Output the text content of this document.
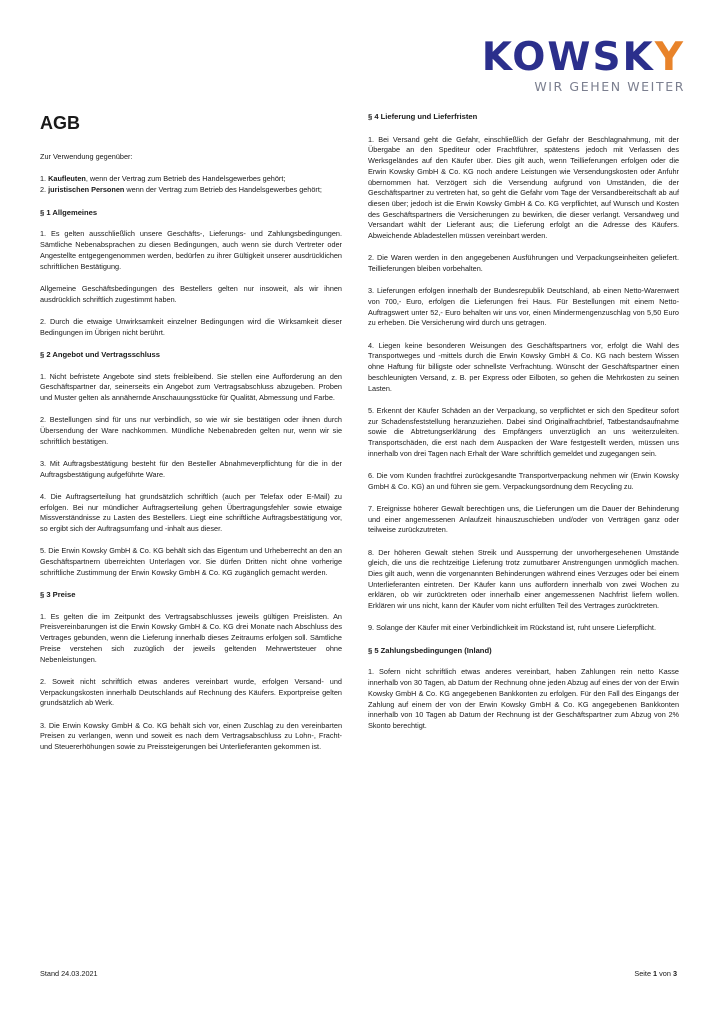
KOWSKY
WIR GEHEN WEITER
AGB

Zur Verwendung gegenüber:

1. Kaufleuten, wenn der Vertrag zum Betrieb des Handelsgewerbes gehört;
2. juristischen Personen wenn der Vertrag zum Betrieb des Handelsgewerbes gehört;

§ 1 Allgemeines

1. Es gelten ausschließlich unsere Geschäfts-, Lieferungs- und Zahlungsbedingungen. Sämtliche Nebenabsprachen zu diesen Bedingungen, auch wenn sie durch Vertreter oder Angestellte entgegengenommen werden, bedürfen zu ihrer Gültigkeit unserer ausdrücklichen schriftlichen Bestätigung.

Allgemeine Geschäftsbedingungen des Bestellers gelten nur insoweit, als wir ihnen ausdrücklich schriftlich zugestimmt haben.

2. Durch die etwaige Unwirksamkeit einzelner Bedingungen wird die Wirksamkeit dieser Bedingungen im Übrigen nicht berührt.

§ 2 Angebot und Vertragsschluss

1. Nicht befristete Angebote sind stets freibleibend. Sie stellen eine Aufforderung an den Geschäftspartner dar, seinerseits ein Angebot zum Vertragsabschluss abzugeben. Proben und Muster gelten als annähernde Anschauungsstücke für Qualität, Abmessung und Farbe.

2. Bestellungen sind für uns nur verbindlich, so wie wir sie bestätigen oder ihnen durch Übersendung der Ware nachkommen. Mündliche Nebenabreden gelten nur, wenn wir sie schriftlich bestätigen.

3. Mit Auftragsbestätigung besteht für den Besteller Abnahmeverpflichtung für die in der Auftragsbestätigung aufgeführte Ware.

4. Die Auftragserteilung hat grundsätzlich schriftlich (auch per Telefax oder E-Mail) zu erfolgen. Bei nur mündlicher Auftragserteilung gehen Übertragungsfehler sowie etwaige Missverständnisse zu Lasten des Bestellers. Liegt eine schriftliche Auftragsbestätigung vor, so ergibt sich der Auftragsumfang und -inhalt aus dieser.

5. Die Erwin Kowsky GmbH & Co. KG behält sich das Eigentum und Urheberrecht an den an Geschäftspartnern überreichten Unterlagen vor. Sie dürfen Dritten nicht ohne vorherige schriftliche Zustimmung der Erwin Kowsky GmbH & Co. KG zugänglich gemacht werden.

§ 3 Preise

1. Es gelten die im Zeitpunkt des Vertragsabschlusses jeweils gültigen Preislisten. An Preisvereinbarungen ist die Erwin Kowsky GmbH & Co. KG drei Monate nach Abschluss des Vertrages gebunden, wenn die Lieferung innerhalb dieses Zeitraums erfolgen soll. Sämtliche Preise verstehen sich zuzüglich der jeweils geltenden Mehrwertsteuer ohne Nebenleistungen.

2. Soweit nicht schriftlich etwas anderes vereinbart wurde, erfolgen Versand- und Verpackungskosten innerhalb Deutschlands auf Rechnung des Käufers. Exportpreise gelten grundsätzlich ab Werk.

3. Die Erwin Kowsky GmbH & Co. KG behält sich vor, einen Zuschlag zu den vereinbarten Preisen zu verlangen, wenn und soweit es nach dem Vertragsabschluss zu Lohn-, Fracht- und Steuererhöhungen sowie zu Preissteigerungen bei Unterlieferanten gekommen ist.

§ 4 Lieferung und Lieferfristen

1. Bei Versand geht die Gefahr, einschließlich der Gefahr der Beschlagnahmung, mit der Übergabe an den Spediteur oder Frachtführer, spätestens jedoch mit Verlassen des Werksgeländes auf den Käufer über. Dies gilt auch, wenn Teillieferungen erfolgen oder die Erwin Kowsky GmbH & Co. KG noch andere Leistungen wie Versendungskosten oder Anfuhr übernommen hat. Verzögert sich die Versendung aufgrund von Umständen, die der Geschäftspartner zu vertreten hat, so geht die Gefahr vom Tage der Versandbereitschaft ab auf diesen über; jedoch ist die Erwin Kowsky GmbH & Co. KG verpflichtet, auf Wunsch und Kosten des Geschäftspartners die Versicherungen zu bewirken, die dieser verlangt. Versandweg und Versandart wählt der Lieferant aus; die Lieferung erfolgt an die Adresse des Käufers. Abweichende Abladestellen müssen vereinbart werden.

2. Die Waren werden in den angegebenen Ausführungen und Verpackungseinheiten geliefert. Teillieferungen bleiben vorbehalten.

3. Lieferungen erfolgen innerhalb der Bundesrepublik Deutschland, ab einen Netto-Warenwert von 700,- Euro, erfolgen die Lieferungen frei Haus. Für Bestellungen mit einem Netto-Auftragswert unter 52,- Euro behalten wir uns vor, einen Mindermengenzuschlag von 5,50 Euro zu erheben. Die Versicherung wird durch uns getragen.

4. Liegen keine besonderen Weisungen des Geschäftspartners vor, erfolgt die Wahl des Transportweges und -mittels durch die Erwin Kowsky GmbH & Co. KG nach bestem Wissen ohne Haftung für billigste oder schnellste Verfrachtung. Wünscht der Geschäftspartner einen beschleunigten Versand, z. B. per Express oder Eilboten, so gehen die Mehrkosten zu seinen Lasten.

5. Erkennt der Käufer Schäden an der Verpackung, so verpflichtet er sich den Spediteur sofort zur Schadensfeststellung heranzuziehen. Dabei sind Originalfrachtbrief, Tatbestandsaufnahme sowie die Abtretungserklärung des Empfängers unverzüglich an uns weiterzuleiten. Transportschäden, die erst nach dem Auspacken der Ware festgestellt werden, müssen uns innerhalb von drei Tagen nach Erhalt der Ware schriftlich gemeldet und zugegangen sein.

6. Die vom Kunden frachtfrei zurückgesandte Transportverpackung nehmen wir (Erwin Kowsky GmbH & Co. KG) an und führen sie gem. Verpackungsordnung dem Recycling zu.

7. Ereignisse höherer Gewalt berechtigen uns, die Lieferungen um die Dauer der Behinderung und einer angemessenen Anlaufzeit hinauszuschieben und/oder von Verträgen ganz oder teilweise zurückzutreten.

8. Der höheren Gewalt stehen Streik und Aussperrung der unvorhergesehenen Umstände gleich, die uns die rechtzeitige Lieferung trotz zumutbarer Anstrengungen unmöglich machen. Dies gilt auch, wenn die vorgenannten Behinderungen während eines Verzuges oder bei einem Unterlieferanten eintreten. Der Käufer kann uns auffordern innerhalb von zwei Wochen zu erklären, ob wir zurücktreten oder innerhalb einer angemessenen Nachfrist liefern wollen. Erklären wir uns nicht, kann der Käufer vom nicht erfüllten Teil des Vertrages zurücktreten.

9. Solange der Käufer mit einer Verbindlichkeit im Rückstand ist, ruht unsere Lieferpflicht.

§ 5 Zahlungsbedingungen (Inland)

1. Sofern nicht schriftlich etwas anderes vereinbart, haben Zahlungen rein netto Kasse innerhalb von 30 Tagen, ab Datum der Rechnung ohne jeden Abzug auf eines der von der Erwin Kowsky GmbH & Co. KG angegebenen Bankkonten zu erfolgen. Für den Fall des Eingangs der Zahlung auf einem der von der Erwin Kowsky GmbH & Co. KG angegebenen Bankkonten innerhalb von 10 Tagen ab Datum der Rechnung ist der Geschäftspartner zum Abzug von 2% Skonto berechtigt.

Stand 24.03.2021	Seite 1 von 3
